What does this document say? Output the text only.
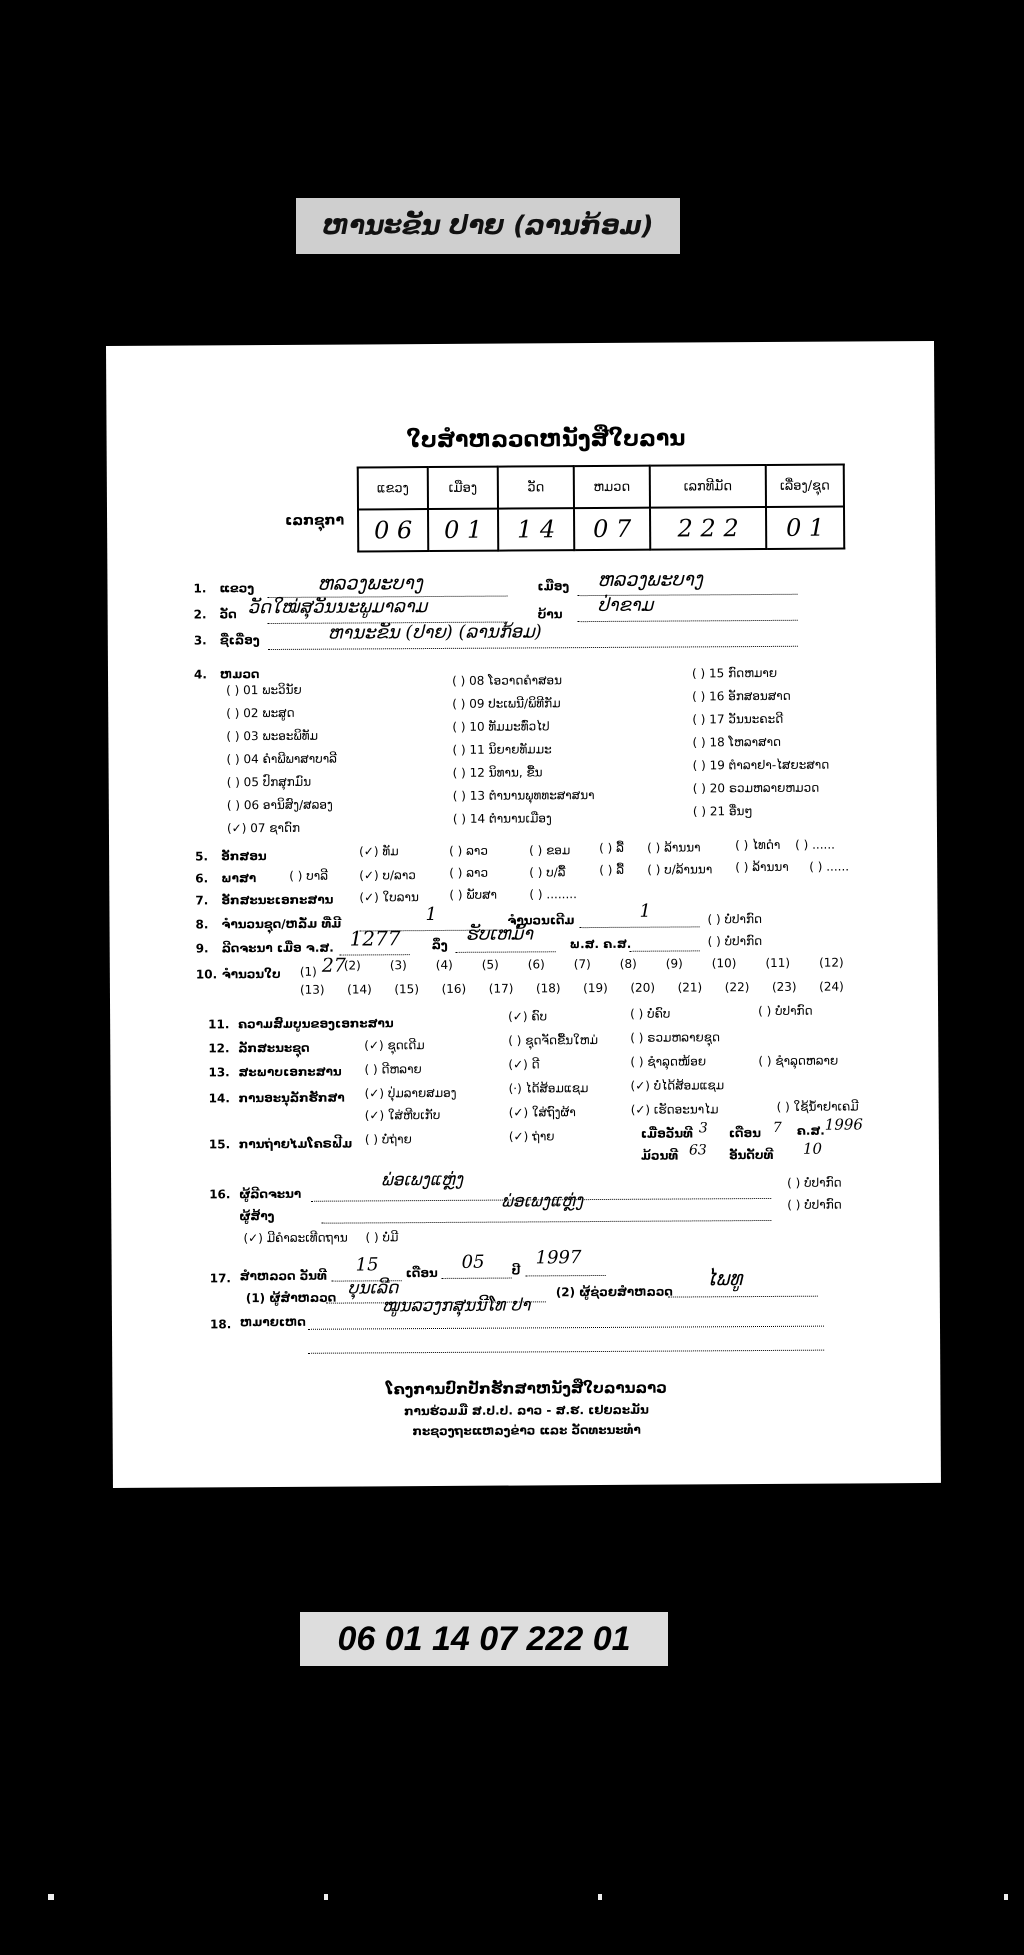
ຫານະຂັນ ປາຍ (ລານກ້ອມ)
ໃບສຳຫລວດຫນັງສືໃບລານ
ເລກຊຸກາ
ແຂວງ	ເມືອງ	ວັດ	ຫມວດ	ເລກທີມັດ	ເລື່ອງ/ຊຸດ
0 6	0 1	1 4	0 7	2 2 2	0 1
1. ແຂວງ	ຫລວງພະບາງ	ເມືອງ ຫລວງພະບາງ
2. ວັດ ວັດໃໝ່ສຸວັນນະພູມາລາມ	ບ້ານ ປ່າຂາມ
3. ຊື່ເລື່ອງ	ຫານະຂັນ (ປາຍ) (ລານກ້ອມ)
4. ຫມວດ
( ) 01 ພະວິນັຍ
( ) 02 ພະສູດ
( ) 03 ພະອະພິທັມ
( ) 04 ຄຳພີພາສາບາລີ
( ) 05 ປົກສຸກມົນ
( ) 06 ອານິສົງ/ສລອງ
(✓) 07 ຊາດົກ
( ) 08 ໂອວາດຄຳສອນ
( ) 09 ປະເພນີ/ພິທີກັມ
( ) 10 ທັມມະທົ່ວໄປ
( ) 11 ນິຍາຍທັມມະ
( ) 12 ນິທານ, ຂື້ນ
( ) 13 ຕຳນານພຸທທະສາສນາ
( ) 14 ຕຳນານເມືອງ
( ) 15 ກົດຫມາຍ
( ) 16 ອັກສອນສາດ
( ) 17 ວັນນະຄະດີ
( ) 18 ໂຫລາສາດ
( ) 19 ຕຳລາຢາ-ໄສຍະສາດ
( ) 20 ຣວມຫລາຍຫມວດ
( ) 21 ອື່ນໆ
5. ອັກສອນ	(✓) ທັມ	( ) ລາວ	( ) ຂອມ ( ) ລື້ ( ) ລ້ານນາ	( ) ໄທດຳ ( ) ......
6. ພາສາ	( ) ບາລີ	(✓) ບ/ລາວ	( ) ລາວ	( ) ບ/ລື້	( ) ລື້ ( ) ບ/ລ້ານນາ ( ) ລ້ານນາ ( ) ......
7. ອັກສະນະເອກະສານ (✓) ໃບລານ	( ) ພັບສາ	( ) ........
8. ຈຳນວນຊຸດ/ຫລັ່ມ ທີ່ມີ	1	ຈຳນວນເດີມ	1	( ) ບໍ່ປາກົດ
9. ລີດຈະນາ ເມື່ອ ຈ.ສ. 1277	ລຶ່ງ
ຮັບເຫມົ້າ	ພ.ສ. ຄ.ສ.	( ) ບໍ່ປາກົດ
10. ຈຳນວນໃບ (1) 27
(2) (3) (4) (5) (6) (7) (8) (9) (10) (11) (12)
(13) (14) (15) (16) (17) (18) (19) (20) (21) (22) (23) (24)
11. ຄວາມສົມບູນຂອງເອກະສານ	(✓) ຄົບ	( ) ບໍ່ຄົບ	( ) ບໍ່ປາກົດ
12. ລັກສະນະຊຸດ	(✓) ຊຸດເດີມ	( ) ຊຸດຈັດຂື້ນໃຫມ່	( ) ຣວມຫລາຍຊຸດ
13. ສະພາບເອກະສານ ( ) ດີຫລາຍ	(✓) ດີ	( ) ຊຳລຸດໜ້ອຍ	( ) ຊຳລຸດຫລາຍ
14. ການອະນຸລັກຮັກສາ (✓) ປຸ່ມລາຍສມອງ	(·) ໄດ້ສ້ອມແຊມ	(✓) ບໍ່ໄດ້ສ້ອມແຊມ
(✓) ໃສ່ຫີບເກັບ	(✓) ໃສ່ຖົງຜ້າ	(✓) ເຮັດອະນາໄມ	( ) ໃຊ້ນ້ຳຢາເຄມີ
15. ການຖ່າຍໄມໂຄຣຟີມ ( ) ບໍ່ຖ່າຍ	(✓) ຖ່າຍ	ເມື່ອວັນທີ 3 ເດືອນ 7 ຄ.ສ. 1996
ມ້ວນທີ 63 ອັນດັບທີ 10
16. ຜູ້ລີດຈະນາ
ພ່ອເພງແຫຼ່ງ	( ) ບໍ່ປາກົດ
ຜູ້ສ້າງ
ພ່ອເພງແຫຼ່ງ	( ) ບໍ່ປາກົດ
(✓) ມີຄຳລະເທີດຖານ ( ) ບໍ່ມີ
17. ສຳຫລວດ ວັນທີ
15 ເດືອນ
05 ປີ
1997
(1) ຜູ້ສຳຫລວດ ບຸນເລີດ	(2) ຜູ້ຊ່ວຍສຳຫລວດ
ໄພທູ
18. ຫມາຍເຫດ
ໝູນລວງກສຸນນີໂທ ປາ
ໂຄງການປົກປັກຮັກສາຫນັງສືໃບລານລາວ
ການຮ່ວມມື ສ.ປ.ປ. ລາວ - ສ.ຮ. ເຢຍລະມັນ
ກະຊວງຖະແຫລງຂ່າວ ແລະ ວັດທະນະທຳ
06 01 14 07 222 01
